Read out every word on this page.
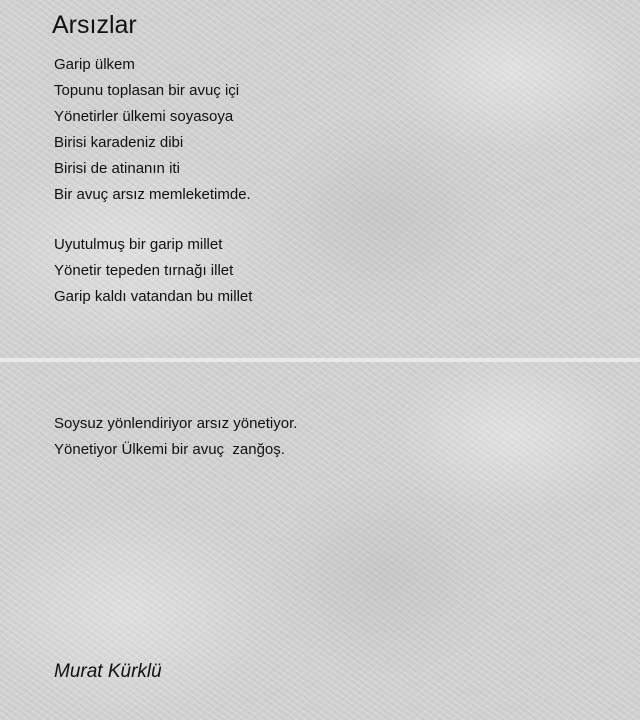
Arsızlar
Garip ülkem
Topunu toplasan bir avuç içi
Yönetirler ülkemi soyasoya
Birisi karadeniz dibi
Birisi de atinanın iti
Bir avuç arsız memleketimde.
Uyutulmuş bir garip millet
Yönetir tepeden tırnağı illet
Garip kaldı vatandan bu millet
Soysuz yönlendiriyor arsız yönetiyor.
Yönetiyor Ülkemi bir avuç  zanğoş.
Murat Kürklü
